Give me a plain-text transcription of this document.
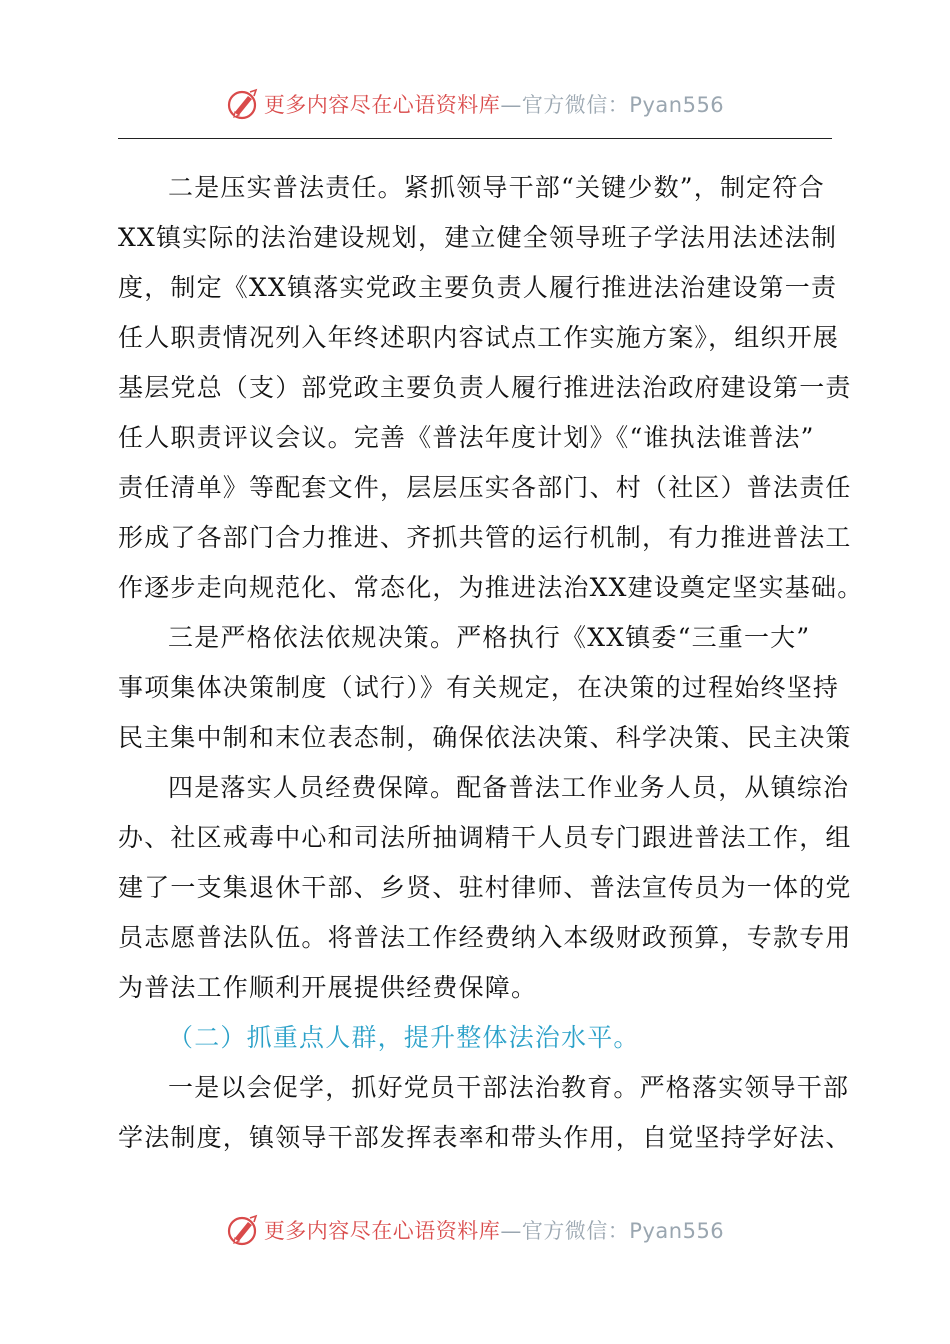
更多内容尽在心语资料库—官方微信：Pyan556
二是压实普法责任。紧抓领导干部“关键少数”，制定符合
XX镇实际的法治建设规划，建立健全领导班子学法用法述法制
度，制定《XX镇落实党政主要负责人履行推进法治建设第一责
任人职责情况列入年终述职内容试点工作实施方案》，组织开展
基层党总（支）部党政主要负责人履行推进法治政府建设第一责
任人职责评议会议。完善《普法年度计划》《“谁执法谁普法”
责任清单》等配套文件，层层压实各部门、村（社区）普法责任
形成了各部门合力推进、齐抓共管的运行机制，有力推进普法工
作逐步走向规范化、常态化，为推进法治XX建设奠定坚实基础。
三是严格依法依规决策。严格执行《XX镇委“三重一大”
事项集体决策制度（试行）》有关规定，在决策的过程始终坚持
民主集中制和末位表态制，确保依法决策、科学决策、民主决策
四是落实人员经费保障。配备普法工作业务人员，从镇综治
办、社区戒毒中心和司法所抽调精干人员专门跟进普法工作，组
建了一支集退休干部、乡贤、驻村律师、普法宣传员为一体的党
员志愿普法队伍。将普法工作经费纳入本级财政预算，专款专用
为普法工作顺利开展提供经费保障。
（二）抓重点人群，提升整体法治水平。
一是以会促学，抓好党员干部法治教育。严格落实领导干部
学法制度，镇领导干部发挥表率和带头作用，自觉坚持学好法、
更多内容尽在心语资料库—官方微信：Pyan556
